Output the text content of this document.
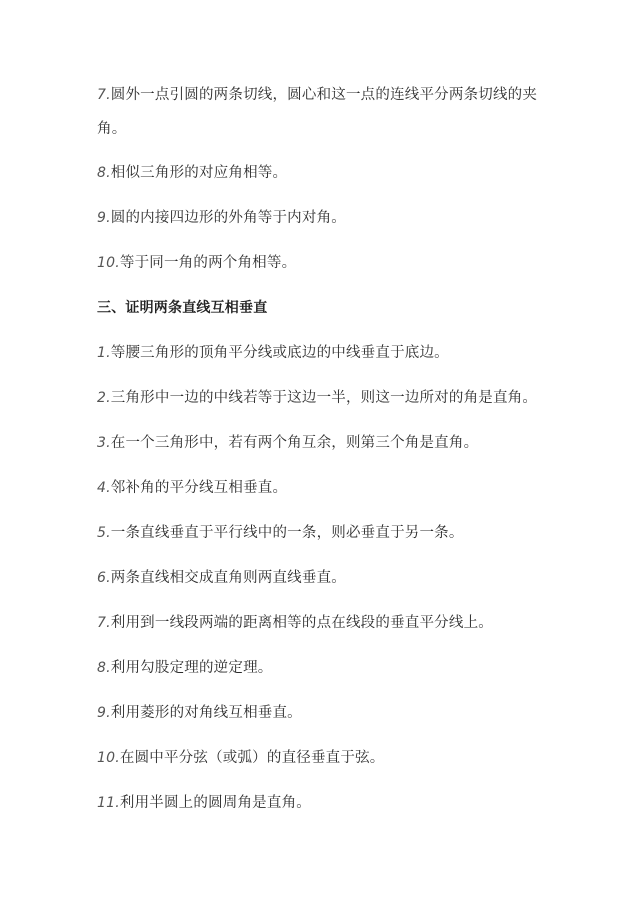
7.圆外一点引圆的两条切线，圆心和这一点的连线平分两条切线的夹
角。
8.相似三角形的对应角相等。
9.圆的内接四边形的外角等于内对角。
10.等于同一角的两个角相等。
三、证明两条直线互相垂直
1.等腰三角形的顶角平分线或底边的中线垂直于底边。
2.三角形中一边的中线若等于这边一半，则这一边所对的角是直角。
3.在一个三角形中，若有两个角互余，则第三个角是直角。
4.邻补角的平分线互相垂直。
5.一条直线垂直于平行线中的一条，则必垂直于另一条。
6.两条直线相交成直角则两直线垂直。
7.利用到一线段两端的距离相等的点在线段的垂直平分线上。
8.利用勾股定理的逆定理。
9.利用菱形的对角线互相垂直。
10.在圆中平分弦（或弧）的直径垂直于弦。
11.利用半圆上的圆周角是直角。
